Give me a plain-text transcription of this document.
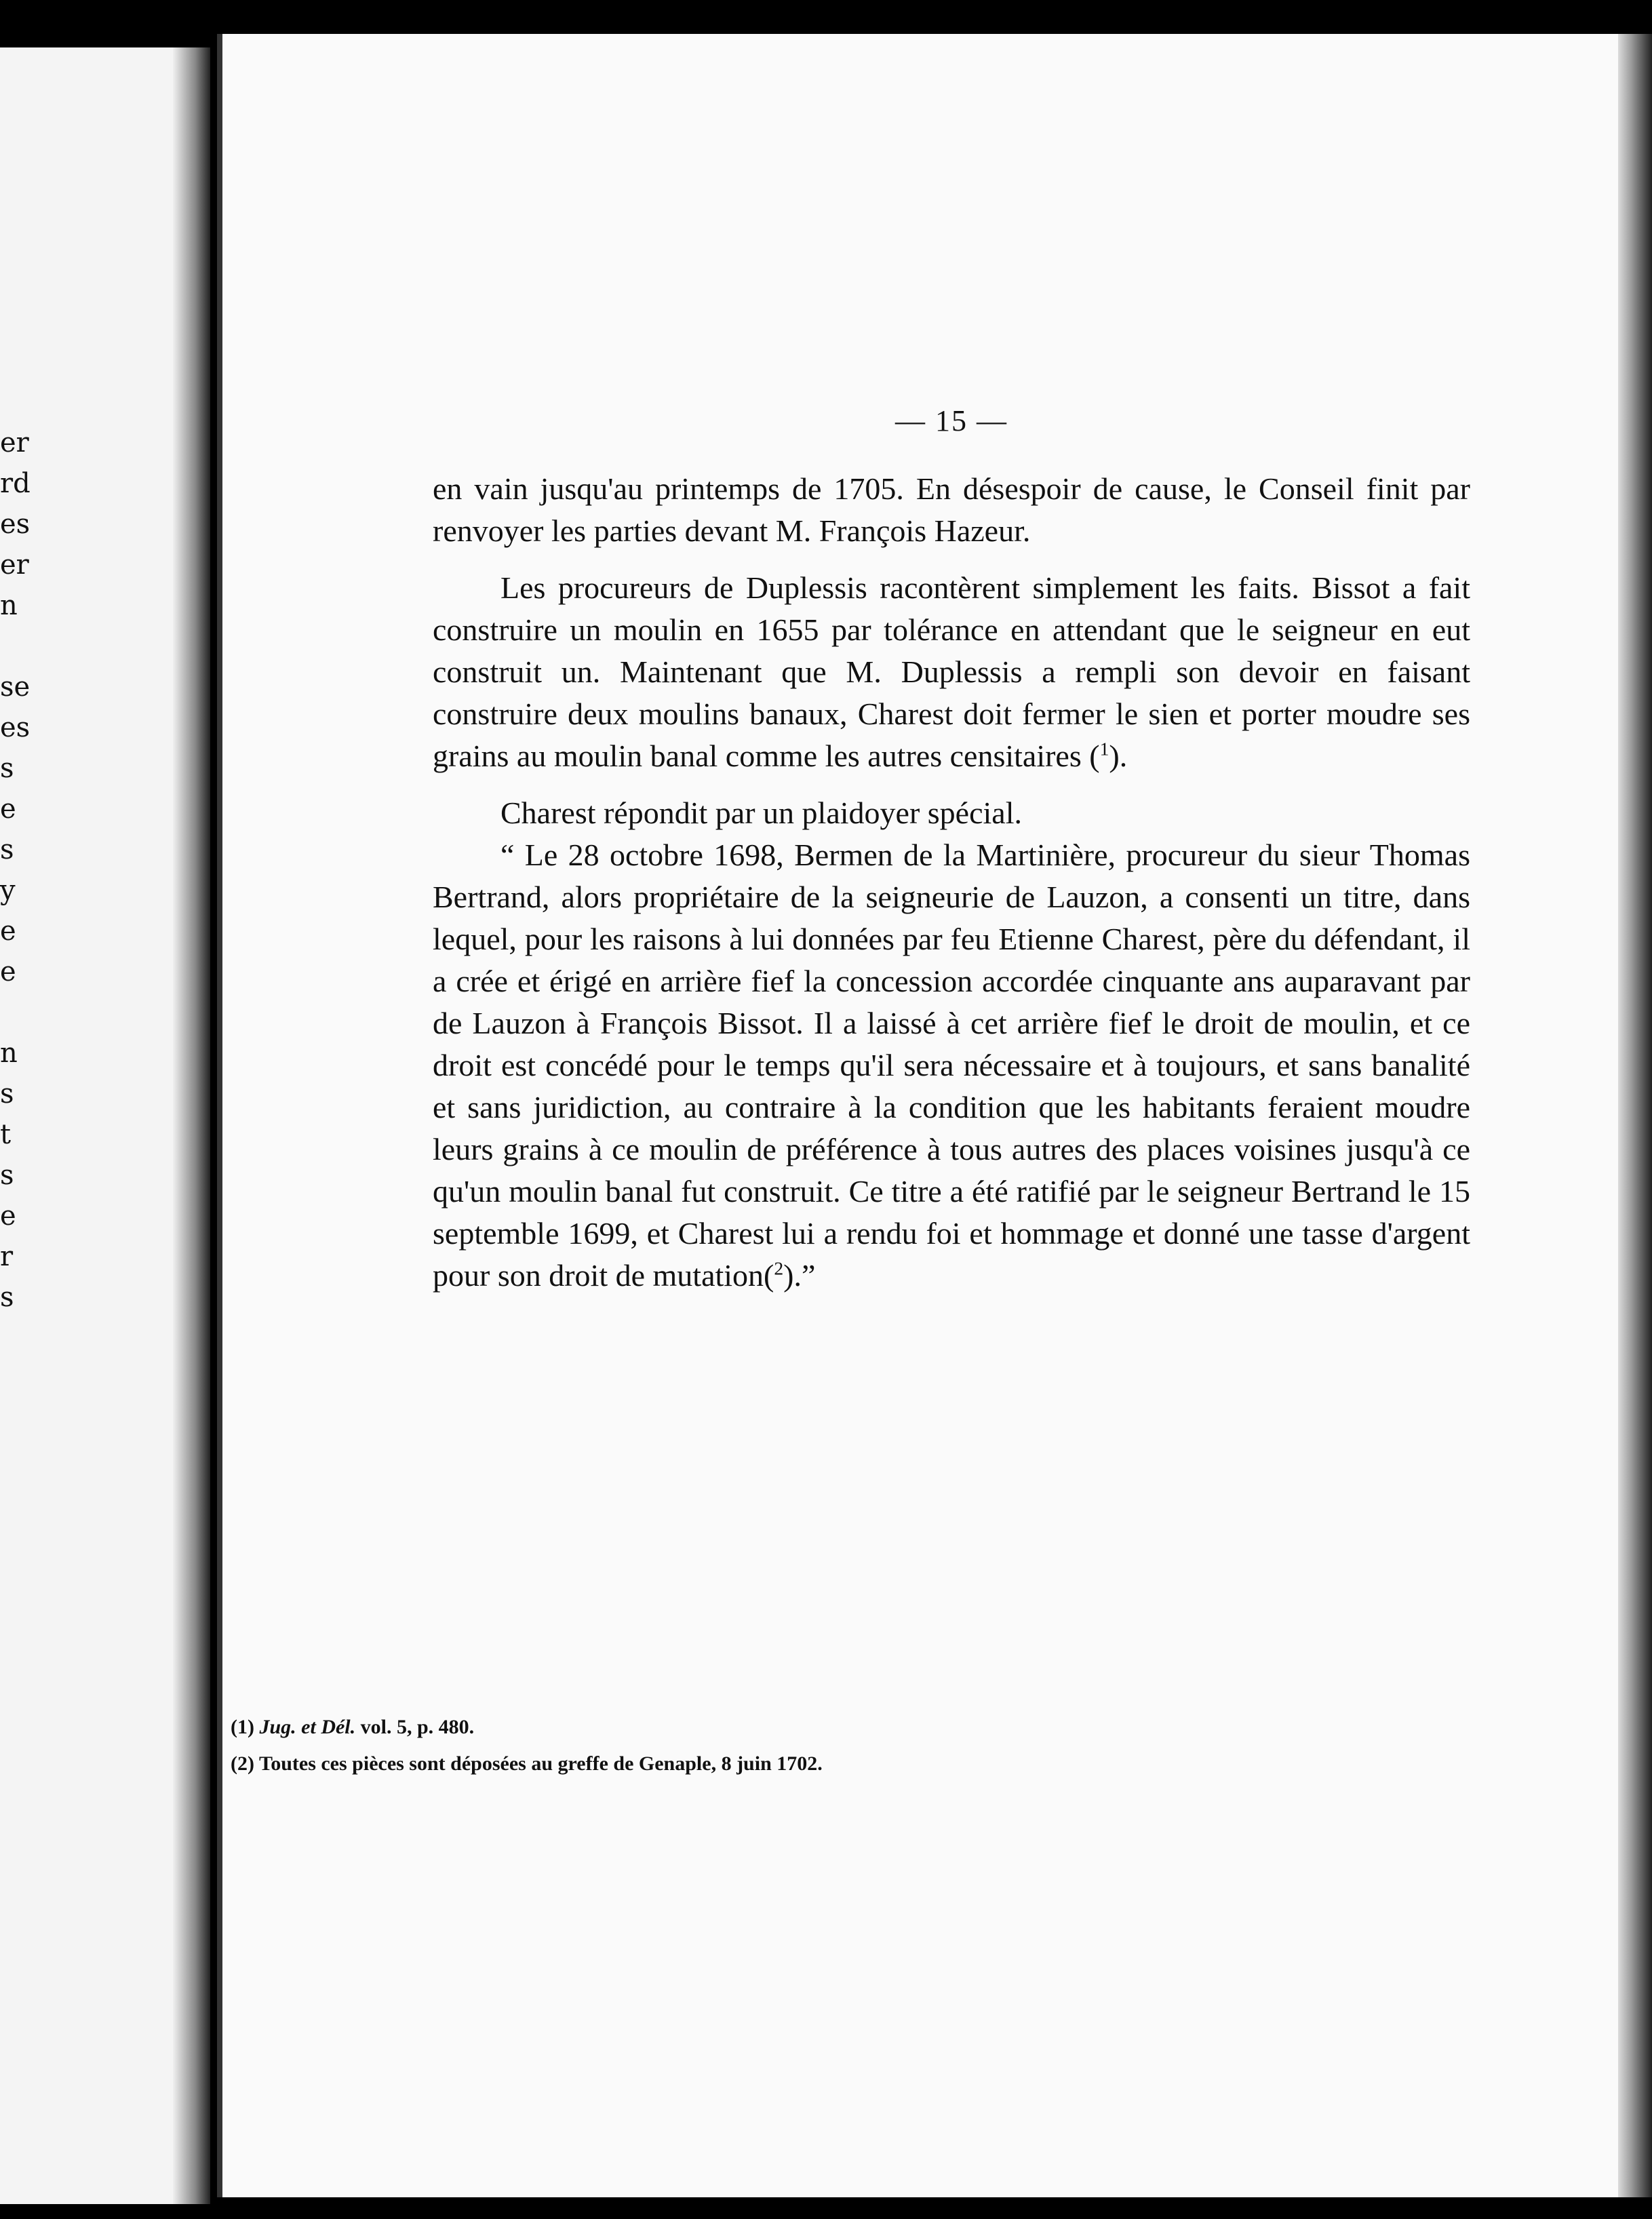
er
rd
es
er
n
se
es
s
e
s
y
e
e
n
s
t
s
e
r
s
— 15 —

en vain jusqu'au printemps de 1705. En désespoir de cause, le Conseil finit par renvoyer les parties devant M. François Hazeur.

Les procureurs de Duplessis racontèrent simplement les faits. Bissot a fait construire un moulin en 1655 par tolérance en attendant que le seigneur en eut construit un. Maintenant que M. Duplessis a rempli son devoir en faisant construire deux moulins banaux, Charest doit fermer le sien et porter moudre ses grains au moulin banal comme les autres censitaires ($^1$).

Charest répondit par un plaidoyer spécial.

“ Le 28 octobre 1698, Bermen de la Martinière, procureur du sieur Thomas Bertrand, alors propriétaire de la seigneurie de Lauzon, a consenti un titre, dans lequel, pour les raisons à lui données par feu Etienne Charest, père du défendant, il a crée et érigé en arrière fief la concession accordée cinquante ans auparavant par de Lauzon à François Bissot. Il a laissé à cet arrière fief le droit de moulin, et ce droit est concédé pour le temps qu'il sera nécessaire et à toujours, et sans banalité et sans juridiction, au contraire à la condition que les habitants feraient moudre leurs grains à ce moulin de préférence à tous autres des places voisines jusqu'à ce qu'un moulin banal fut construit. Ce titre a été ratifié par le seigneur Bertrand le 15 septemble 1699, et Charest lui a rendu foi et hommage et donné une tasse d'argent pour son droit de mutation($^2$).”

(1) Jug. et Dél. vol. 5, p. 480.

(2) Toutes ces pièces sont déposées au greffe de Genaple, 8 juin 1702.
